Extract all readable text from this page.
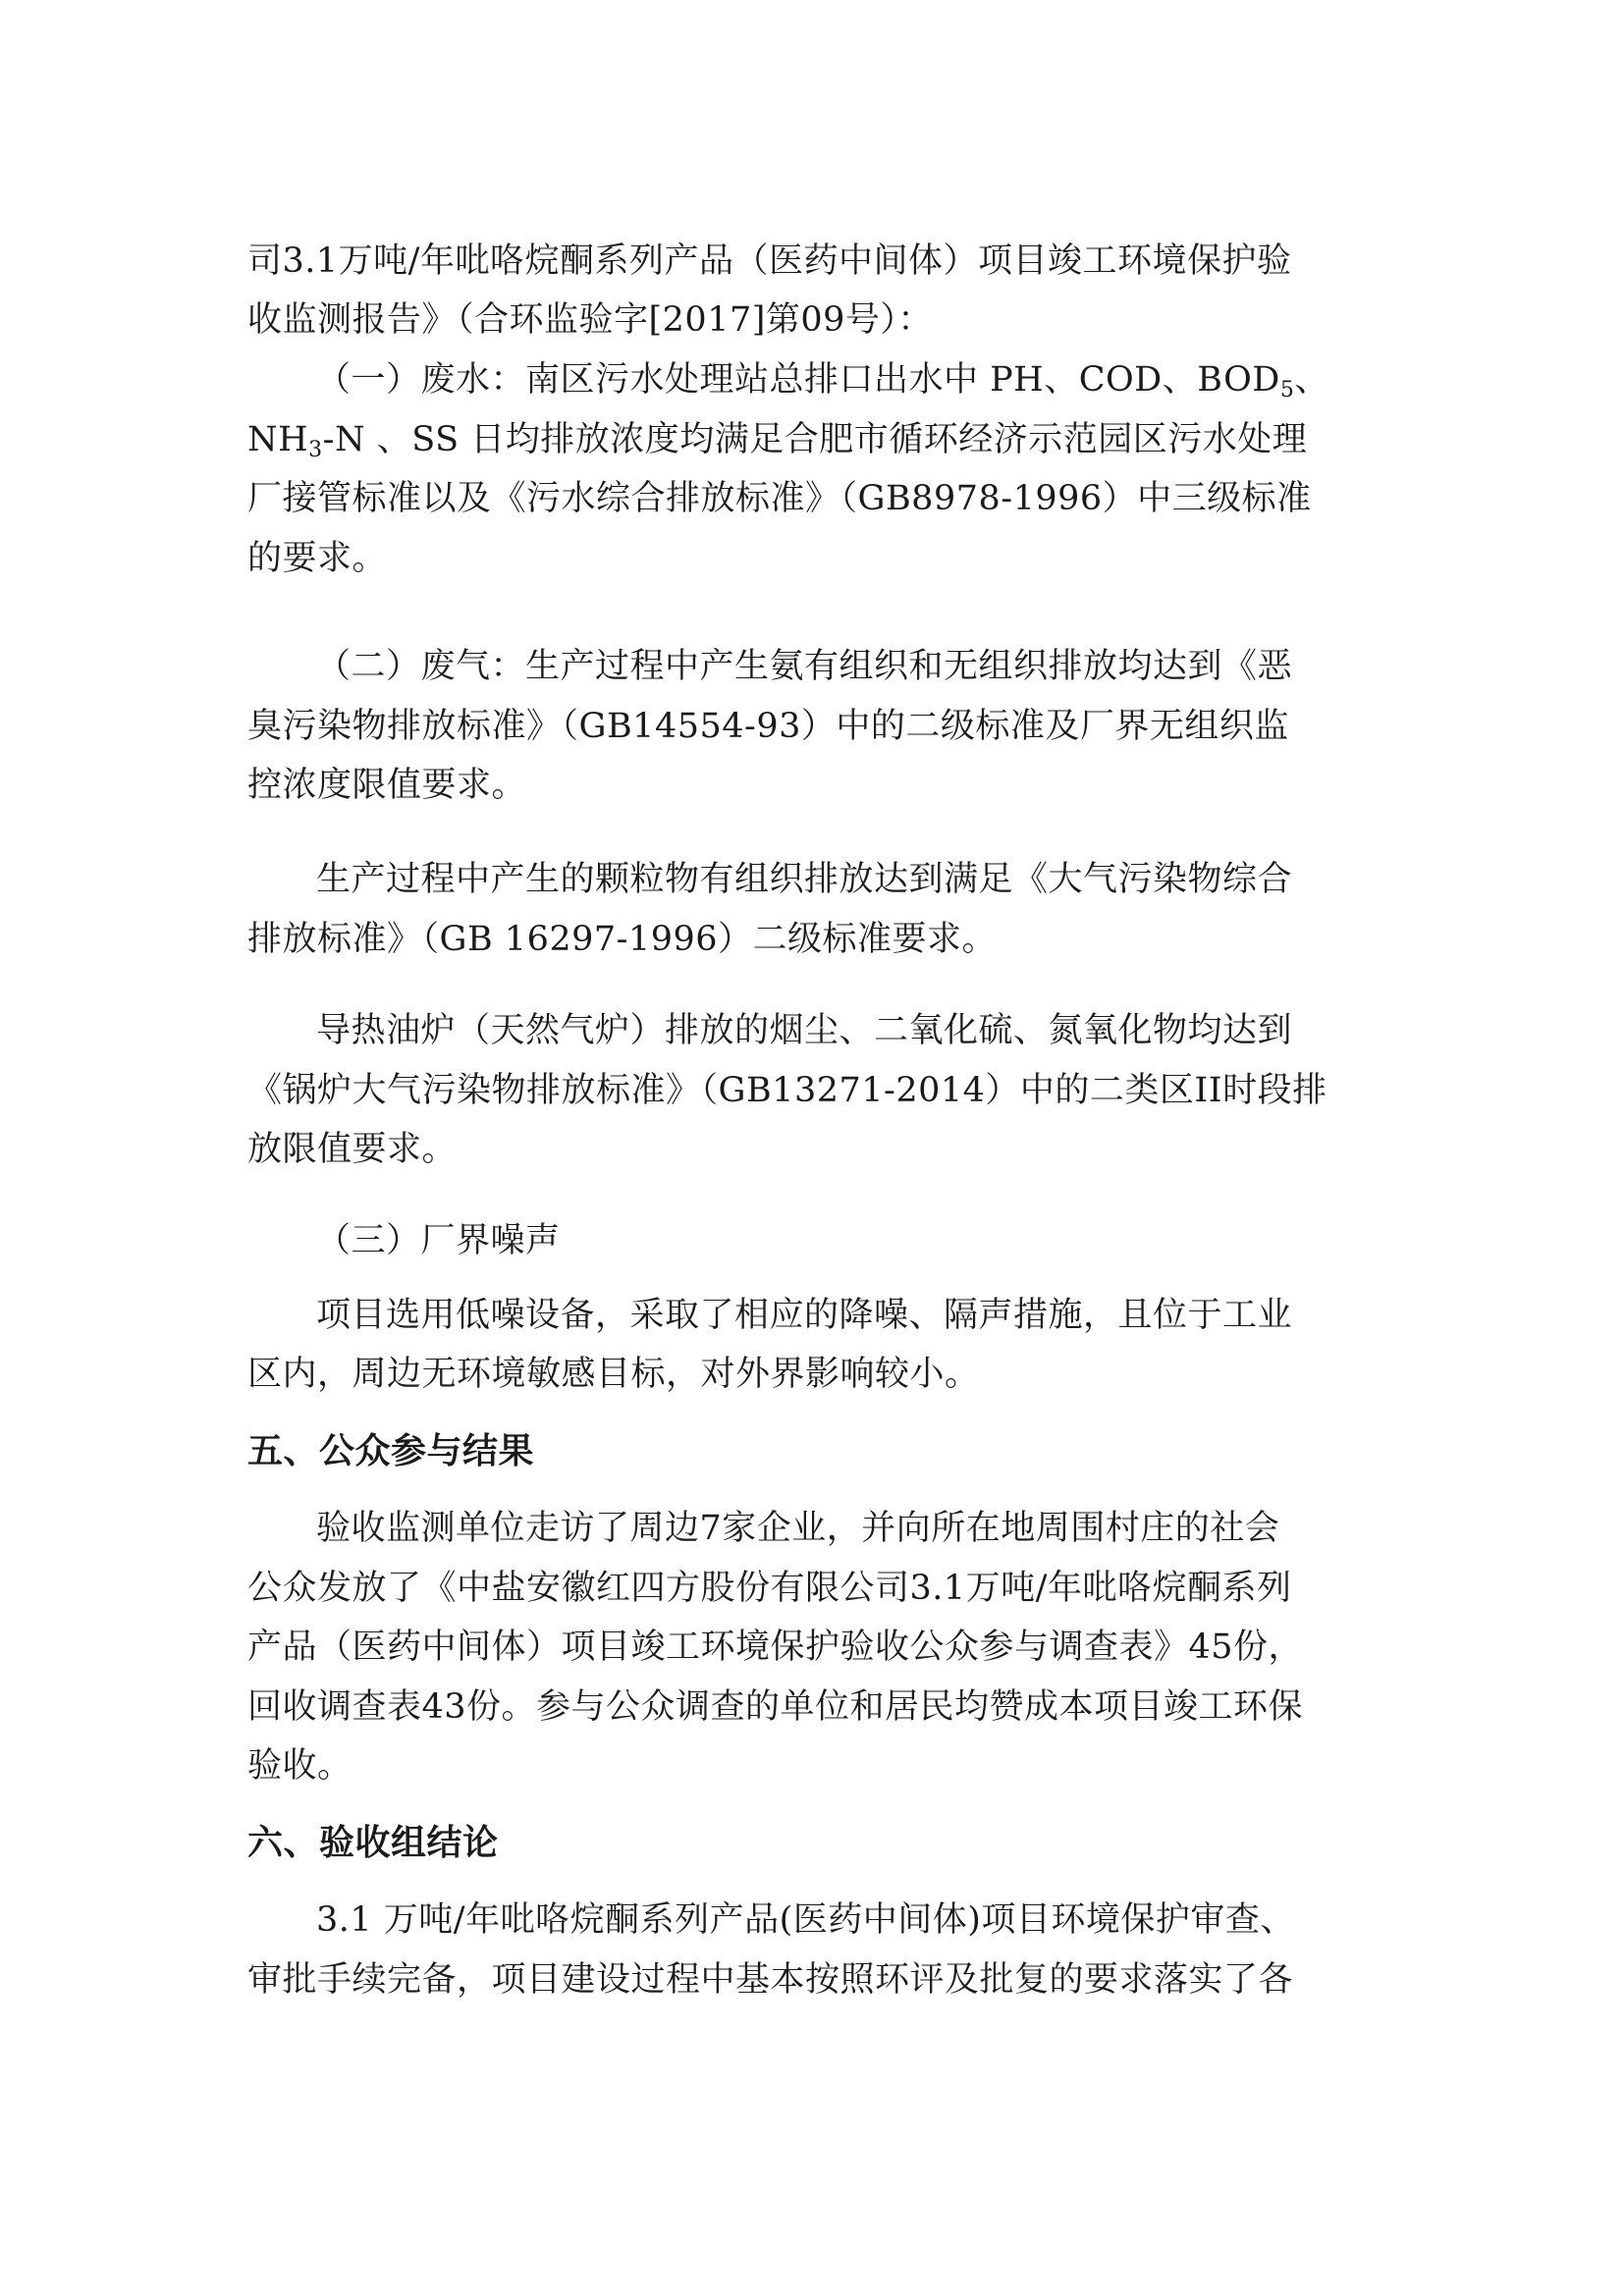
司3.1万吨/年吡咯烷酮系列产品（医药中间体）项目竣工环境保护验
收监测报告》（合环监验字[2017]第09号）：
（一）废水：南区污水处理站总排口出水中 PH、COD、$BOD_5$、
$NH_3-N$ 、SS 日均排放浓度均满足合肥市循环经济示范园区污水处理
厂接管标准以及《污水综合排放标准》（GB8978-1996）中三级标准
的要求。
（二）废气：生产过程中产生氨有组织和无组织排放均达到《恶
臭污染物排放标准》（GB14554-93）中的二级标准及厂界无组织监
控浓度限值要求。
生产过程中产生的颗粒物有组织排放达到满足《大气污染物综合
排放标准》（GB 16297-1996）二级标准要求。
导热油炉（天然气炉）排放的烟尘、二氧化硫、氮氧化物均达到
《锅炉大气污染物排放标准》（GB13271-2014）中的二类区II时段排
放限值要求。
（三）厂界噪声
项目选用低噪设备，采取了相应的降噪、隔声措施，且位于工业
区内，周边无环境敏感目标，对外界影响较小。
五、公众参与结果
验收监测单位走访了周边7家企业，并向所在地周围村庄的社会
公众发放了《中盐安徽红四方股份有限公司3.1万吨/年吡咯烷酮系列
产品（医药中间体）项目竣工环境保护验收公众参与调查表》45份，
回收调查表43份。参与公众调查的单位和居民均赞成本项目竣工环保
验收。
六、验收组结论
3.1 万吨/年吡咯烷酮系列产品(医药中间体)项目环境保护审查、
审批手续完备，项目建设过程中基本按照环评及批复的要求落实了各
